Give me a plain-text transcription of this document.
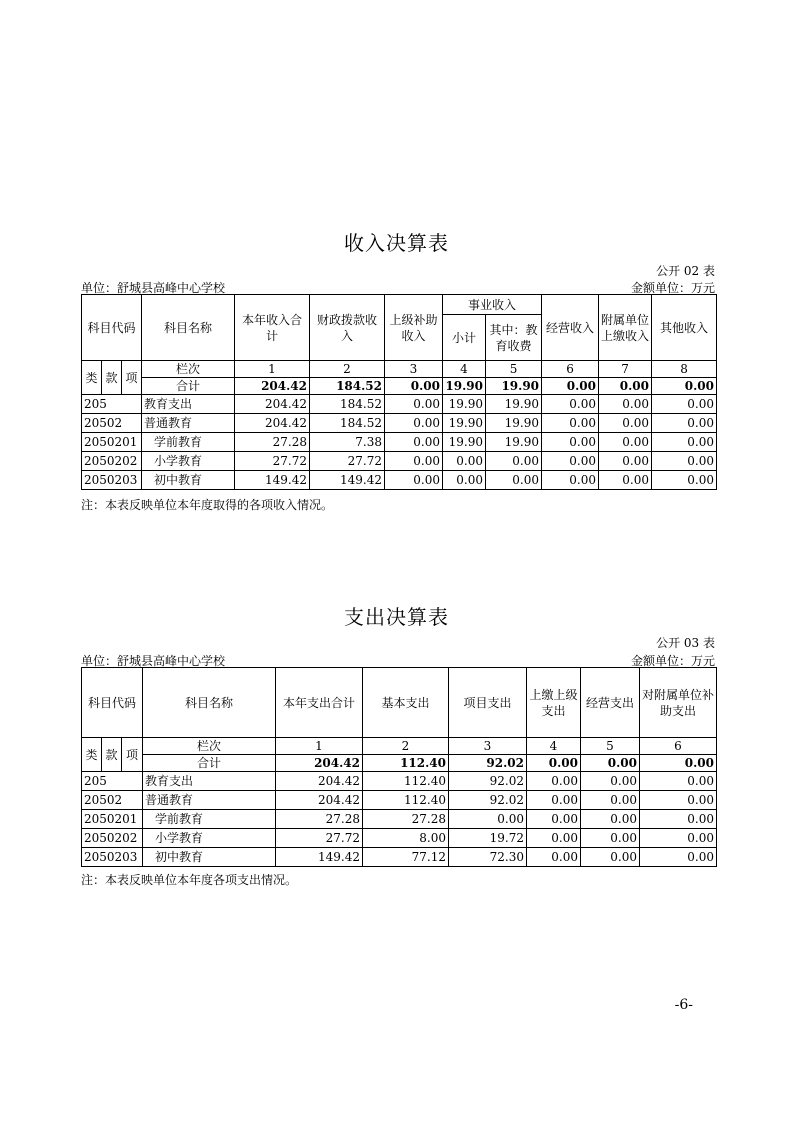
收入决算表
公开 02 表
单位：舒城县高峰中心学校	金额单位：万元
科目代码			科目名称	本年收入合计	财政拨款收入	上级补助收入	事业收入		经营收入	附属单位上缴收入	其他收入
							小计	其中：教育收费			
类	款	项	栏次	1	2	3	4	5	6	7	8
			合计	204.42	184.52	0.00	19.90	19.90	0.00	0.00	0.00
205			教育支出	204.42	184.52	0.00	19.90	19.90	0.00	0.00	0.00
20502			普通教育	204.42	184.52	0.00	19.90	19.90	0.00	0.00	0.00
2050201			学前教育	27.28	7.38	0.00	19.90	19.90	0.00	0.00	0.00
2050202			小学教育	27.72	27.72	0.00	0.00	0.00	0.00	0.00	0.00
2050203			初中教育	149.42	149.42	0.00	0.00	0.00	0.00	0.00	0.00
注：本表反映单位本年度取得的各项收入情况。
支出决算表
公开 03 表
单位：舒城县高峰中心学校	金额单位：万元
科目代码			科目名称	本年支出合计	基本支出	项目支出	上缴上级支出	经营支出	对附属单位补助支出
类	款	项	栏次	1	2	3	4	5	6
			合计	204.42	112.40	92.02	0.00	0.00	0.00
205			教育支出	204.42	112.40	92.02	0.00	0.00	0.00
20502			普通教育	204.42	112.40	92.02	0.00	0.00	0.00
2050201			学前教育	27.28	27.28	0.00	0.00	0.00	0.00
2050202			小学教育	27.72	8.00	19.72	0.00	0.00	0.00
2050203			初中教育	149.42	77.12	72.30	0.00	0.00	0.00
注：本表反映单位本年度各项支出情况。
-6-
